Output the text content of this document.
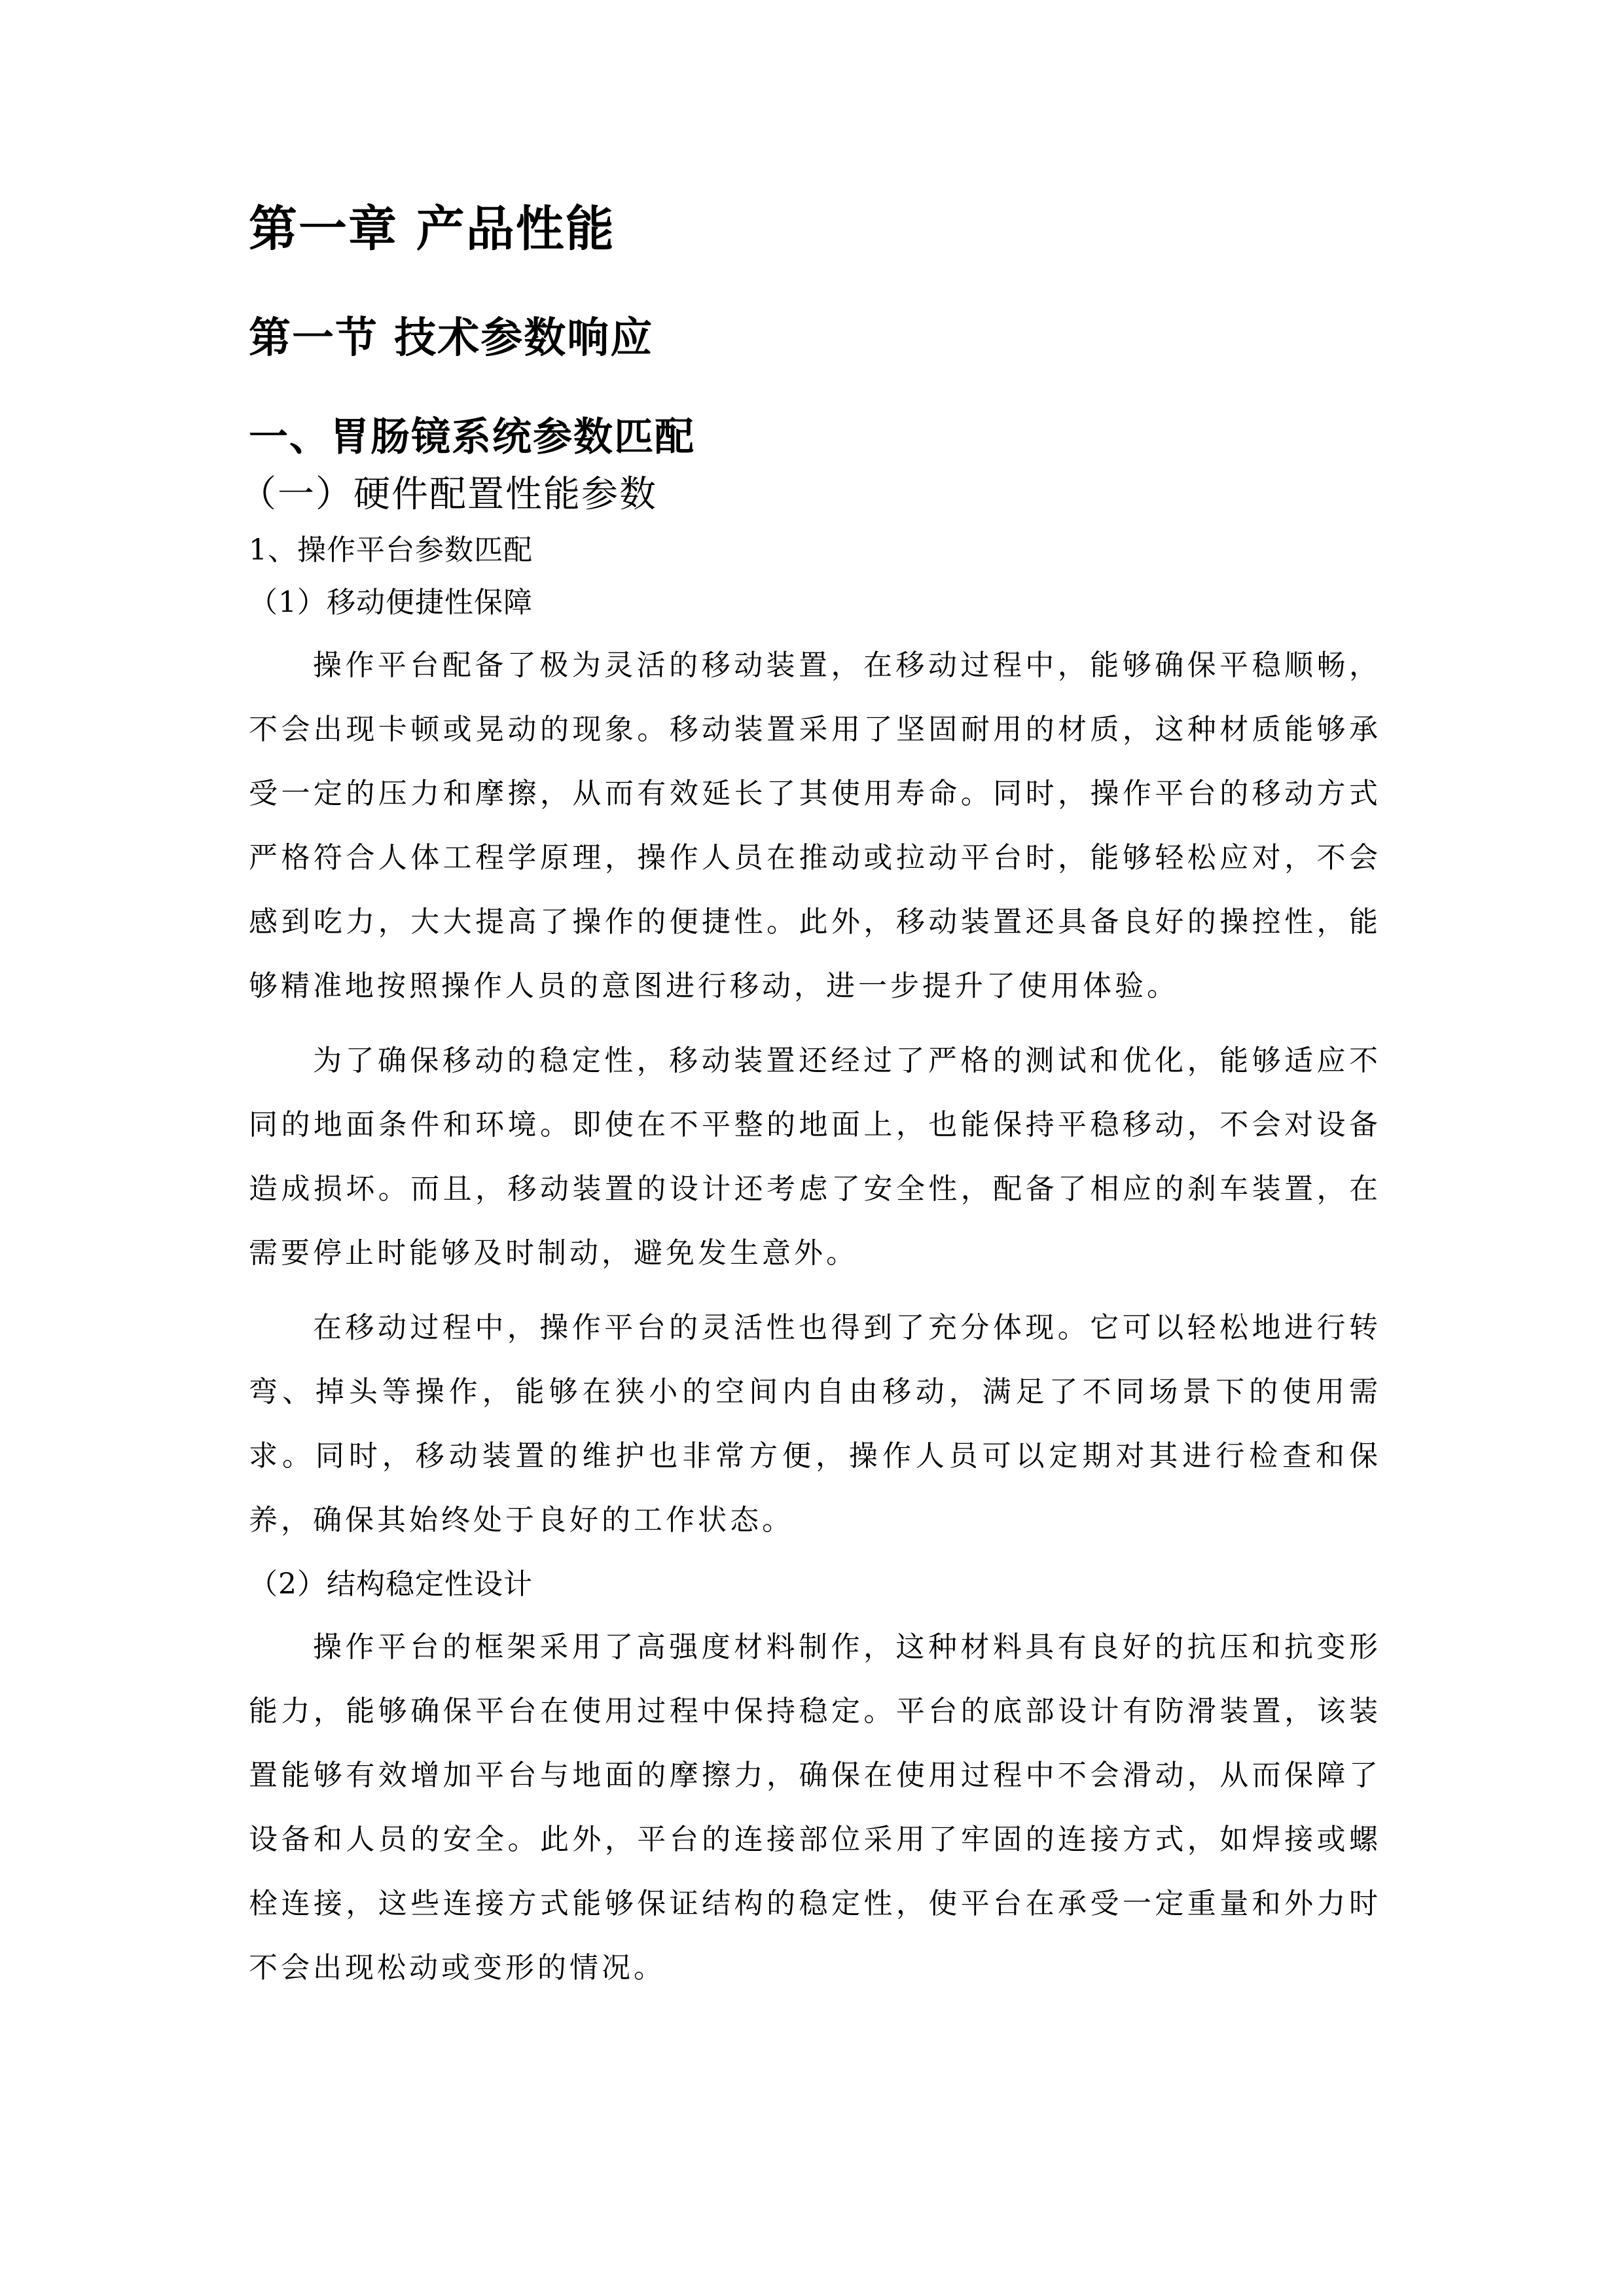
第一章 产品性能
第一节 技术参数响应
一、胃肠镜系统参数匹配
（一）硬件配置性能参数
1、操作平台参数匹配
（1）移动便捷性保障

操作平台配备了极为灵活的移动装置，在移动过程中，能够确保平稳顺畅，不会出现卡顿或晃动的现象。移动装置采用了坚固耐用的材质，这种材质能够承受一定的压力和摩擦，从而有效延长了其使用寿命。同时，操作平台的移动方式严格符合人体工程学原理，操作人员在推动或拉动平台时，能够轻松应对，不会感到吃力，大大提高了操作的便捷性。此外，移动装置还具备良好的操控性，能够精准地按照操作人员的意图进行移动，进一步提升了使用体验。

为了确保移动的稳定性，移动装置还经过了严格的测试和优化，能够适应不同的地面条件和环境。即使在不平整的地面上，也能保持平稳移动，不会对设备造成损坏。而且，移动装置的设计还考虑了安全性，配备了相应的刹车装置，在需要停止时能够及时制动，避免发生意外。

在移动过程中，操作平台的灵活性也得到了充分体现。它可以轻松地进行转弯、掉头等操作，能够在狭小的空间内自由移动，满足了不同场景下的使用需求。同时，移动装置的维护也非常方便，操作人员可以定期对其进行检查和保养，确保其始终处于良好的工作状态。

（2）结构稳定性设计

操作平台的框架采用了高强度材料制作，这种材料具有良好的抗压和抗变形能力，能够确保平台在使用过程中保持稳定。平台的底部设计有防滑装置，该装置能够有效增加平台与地面的摩擦力，确保在使用过程中不会滑动，从而保障了设备和人员的安全。此外，平台的连接部位采用了牢固的连接方式，如焊接或螺栓连接，这些连接方式能够保证结构的稳定性，使平台在承受一定重量和外力时不会出现松动或变形的情况。
